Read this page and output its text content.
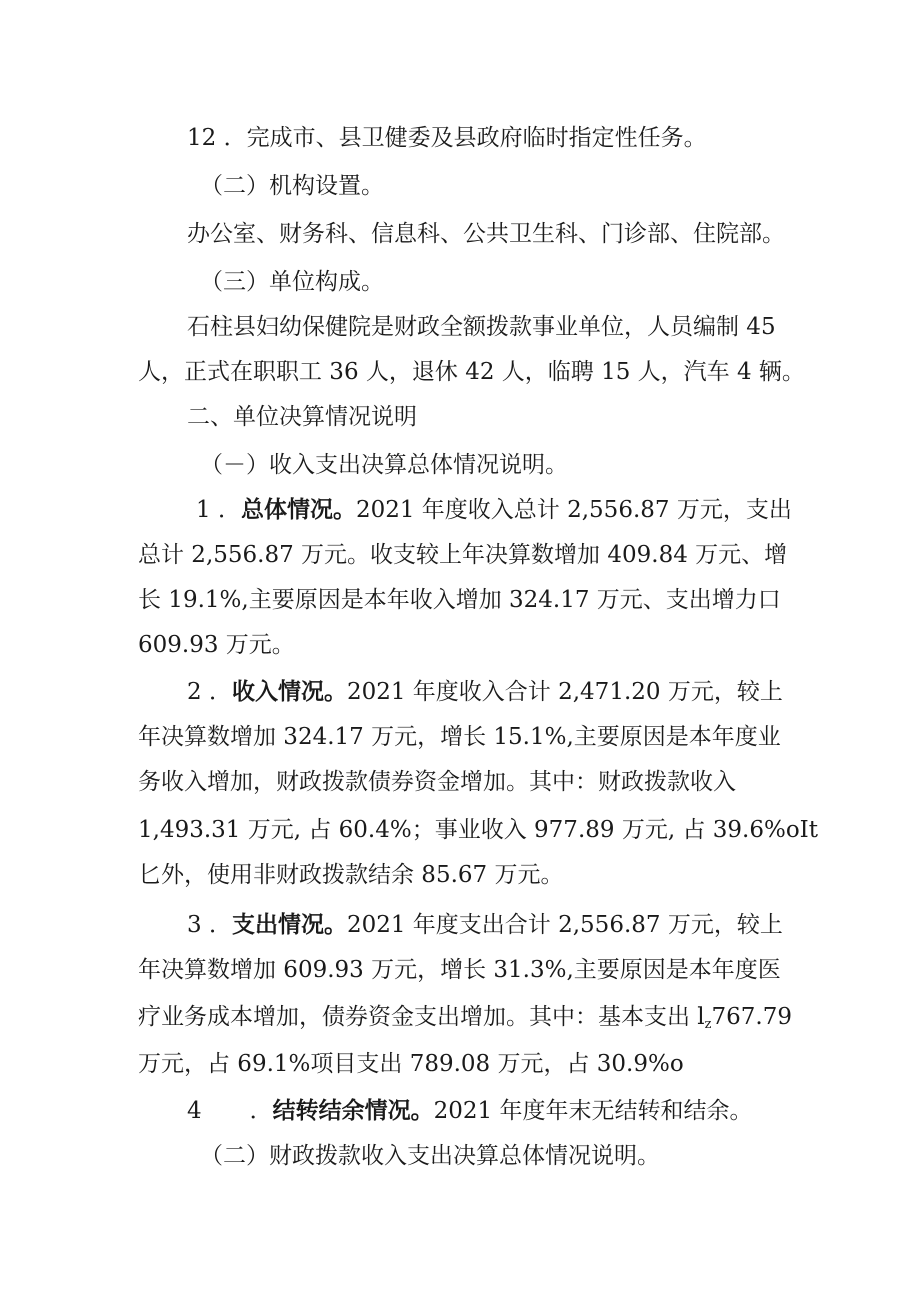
12 ．完成市、县卫健委及县政府临时指定性任务。
（二）机构设置。
办公室、财务科、信息科、公共卫生科、门诊部、住院部。
（三）单位构成。
石柱县妇幼保健院是财政全额拨款事业单位，人员编制 45
人，正式在职职工 36 人，退休 42 人，临聘 15 人，汽车 4 辆。
二、单位决算情况说明
（－）收入支出决算总体情况说明。
1 ．总体情况。2021 年度收入总计 2,556.87 万元，支出
总计 2,556.87 万元。收支较上年决算数增加 409.84 万元、增
长 19.1%,主要原因是本年收入增加 324.17 万元、支出增力口
609.93 万元。
2 ．收入情况。2021 年度收入合计 2,471.20 万元，较上
年决算数增加 324.17 万元，增长 15.1%,主要原因是本年度业
务收入增加，财政拨款债券资金增加。其中：财政拨款收入
1,493.31 万元, 占 60.4%；事业收入 977.89 万元, 占 39.6%oIt
匕外，使用非财政拨款结余 85.67 万元。
3 ．支出情况。2021 年度支出合计 2,556.87 万元，较上
年决算数增加 609.93 万元，增长 31.3%,主要原因是本年度医
疗业务成本增加，债券资金支出增加。其中：基本支出 $l_z767.79$
万元，占 69.1%项目支出 789.08 万元，占 30.9%o
4 ．结转结余情况。2021 年度年末无结转和结余。
（二）财政拨款收入支出决算总体情况说明。
